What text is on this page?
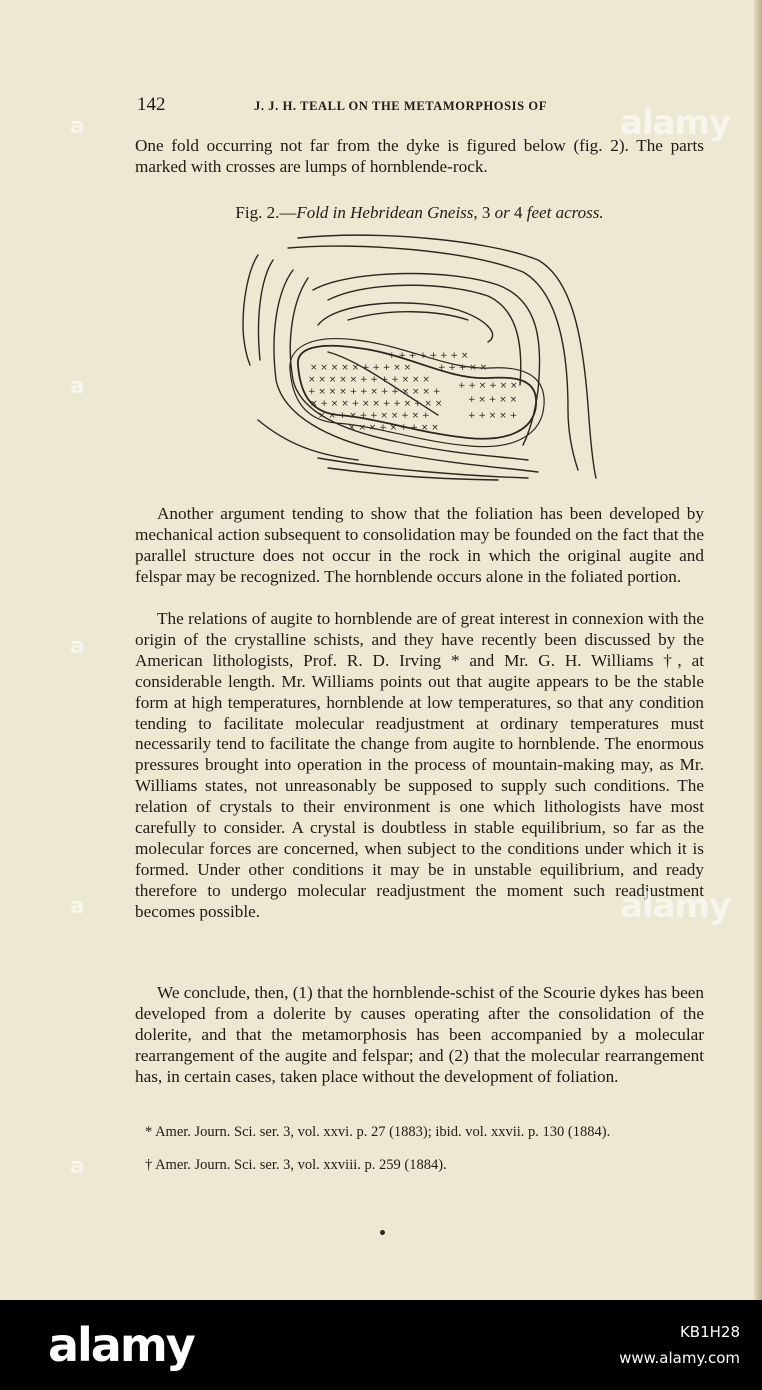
142	J. J. H. TEALL ON THE METAMORPHOSIS OF

One fold occurring not far from the dyke is figured below (fig. 2). The parts marked with crosses are lumps of hornblende-rock.

Fig. 2.—Fold in Hebridean Gneiss, 3 or 4 feet across.
× × × × × + + + × ×
× × × × × + + + + × × ×
+ × × × + + × + + × × × +
× + × × + × × + + × + × ×
× × + × + + × × + × +
× × × + × + + × ×
+ + + + + + + ×
+ + + × ×
+ + × + × ×
+ × + × ×
+ + × × +

Another argument tending to show that the foliation has been developed by mechanical action subsequent to consolidation may be founded on the fact that the parallel structure does not occur in the rock in which the original augite and felspar may be recognized. The hornblende occurs alone in the foliated portion.

The relations of augite to hornblende are of great interest in connexion with the origin of the crystalline schists, and they have recently been discussed by the American lithologists, Prof. R. D. Irving * and Mr. G. H. Williams †, at considerable length. Mr. Williams points out that augite appears to be the stable form at high temperatures, hornblende at low temperatures, so that any condition tending to facilitate molecular readjustment at ordinary temperatures must necessarily tend to facilitate the change from augite to hornblende. The enormous pressures brought into operation in the process of mountain-making may, as Mr. Williams states, not unreasonably be supposed to supply such conditions. The relation of crystals to their environment is one which lithologists have most carefully to consider. A crystal is doubtless in stable equilibrium, so far as the molecular forces are concerned, when subject to the conditions under which it is formed. Under other conditions it may be in unstable equilibrium, and ready therefore to undergo molecular readjustment the moment such readjustment becomes possible.

We conclude, then, (1) that the hornblende-schist of the Scourie dykes has been developed from a dolerite by causes operating after the consolidation of the dolerite, and that the metamorphosis has been accompanied by a molecular rearrangement of the augite and felspar; and (2) that the molecular rearrangement has, in certain cases, taken place without the development of foliation.

* Amer. Journ. Sci. ser. 3, vol. xxvi. p. 27 (1883); ibid. vol. xxvii. p. 130 (1884).
† Amer. Journ. Sci. ser. 3, vol. xxviii. p. 259 (1884).
a
a
a
a
a
alamy
alamy
alamy	KB1H28
www.alamy.com
